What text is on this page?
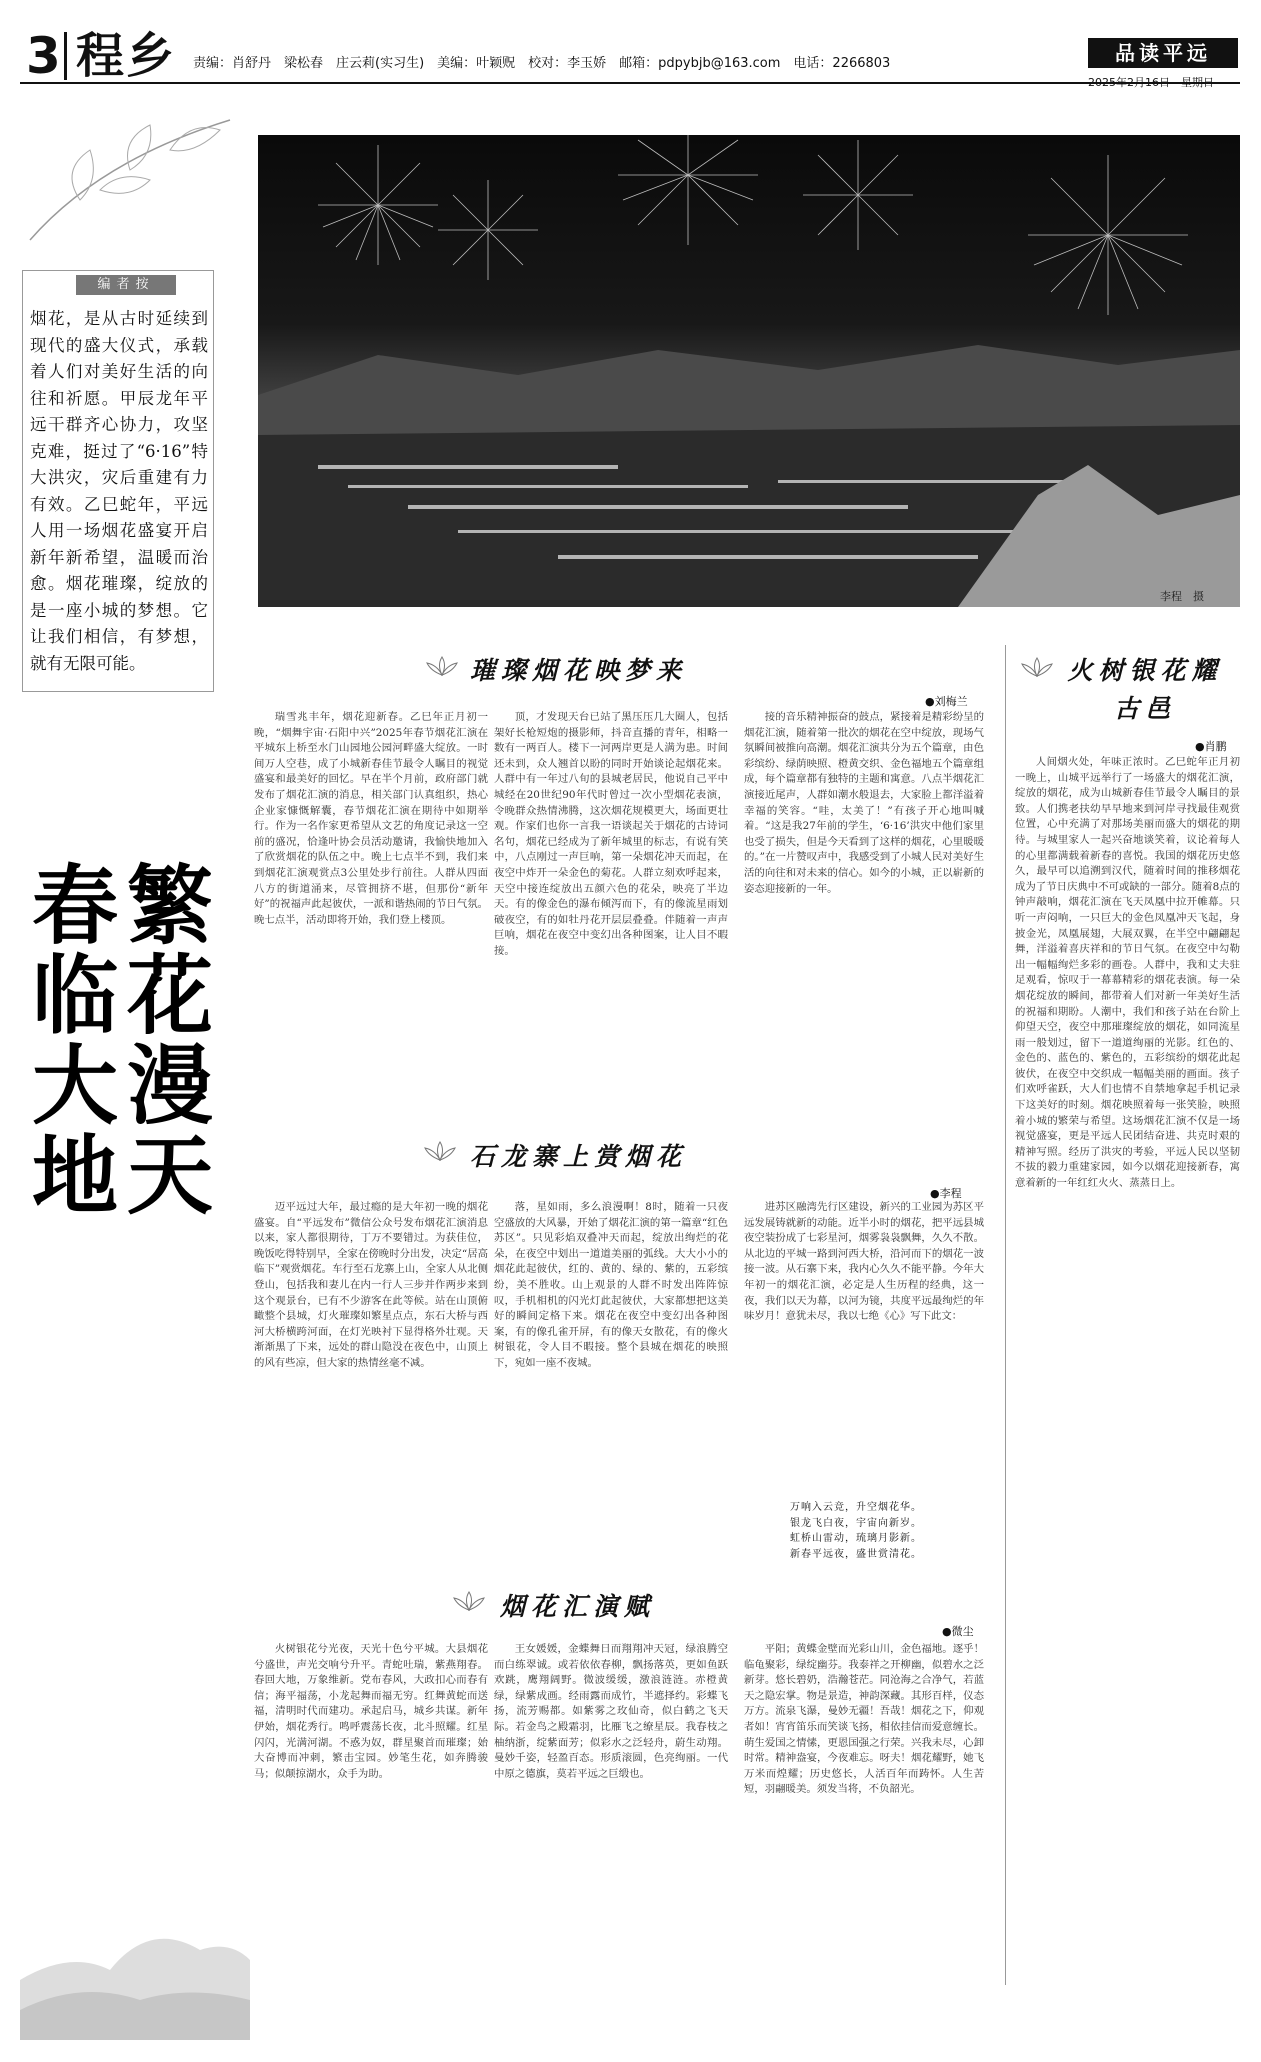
3 程乡 责编：肖舒丹　梁松春　庄云莉(实习生)　美编：叶颖贶　校对：李玉娇　邮箱：pdpybjb@163.com　电话：2266803	品读平远
2025年2月16日　星期日
李程　摄
编者按
烟花，是从古时延续到现代的盛大仪式，承载着人们对美好生活的向往和祈愿。甲辰龙年平远干群齐心协力，攻坚克难，挺过了“6·16”特大洪灾，灾后重建有力有效。乙巳蛇年，平远人用一场烟花盛宴开启新年新希望，温暖而治愈。烟花璀璨，绽放的是一座小城的梦想。它让我们相信，有梦想，就有无限可能。
春临大地
繁花漫天
璀璨烟花映梦来
●刘梅兰

瑞雪兆丰年，烟花迎新春。乙巳年正月初一晚，“烟舞宇宙·石阳中兴”2025年春节烟花汇演在平城东上桥至水门山园地公园河畔盛大绽放。一时间万人空巷，成了小城新春佳节最令人瞩目的视觉盛宴和最美好的回忆。早在半个月前，政府部门就发布了烟花汇演的消息，相关部门认真组织，热心企业家慷慨解囊，春节烟花汇演在期待中如期举行。作为一名作家更希望从文艺的角度记录这一空前的盛况，恰逢叶协会员活动邀请，我愉快地加入了欣赏烟花的队伍之中。晚上七点半不到，我们来到烟花汇演观赏点3公里处步行前往。人群从四面八方的街道涌来，尽管拥挤不堪，但那份“新年好”的祝福声此起彼伏，一派和谐热闹的节日气氛。晚七点半，活动即将开始，我们登上楼顶。

顶，才发现天台已站了黑压压几大圈人，包括架好长枪短炮的摄影师，抖音直播的青年，相略一数有一两百人。楼下一河两岸更是人满为患。时间还未到，众人翘首以盼的同时开始谈论起烟花来。人群中有一年过八旬的县城老居民，他说自己平中城经在20世纪90年代时曾过一次小型烟花表演，令晚群众热情沸腾，这次烟花规模更大，场面更壮观。作家们也你一言我一语谈起关于烟花的古诗词名句，烟花已经成为了新年城里的标志，有说有笑中，八点刚过一声巨响，第一朵烟花冲天而起，在夜空中炸开一朵金色的菊花。人群立刻欢呼起来，天空中接连绽放出五颜六色的花朵，映亮了半边天。有的像金色的瀑布倾泻而下，有的像流星雨划破夜空，有的如牡丹花开层层叠叠。伴随着一声声巨响，烟花在夜空中变幻出各种图案，让人目不暇接。

接的音乐精神振奋的鼓点，紧接着是精彩纷呈的烟花汇演，随着第一批次的烟花在空中绽放，现场气氛瞬间被推向高潮。烟花汇演共分为五个篇章，由色彩缤纷、绿荫映照、橙黄交织、金色福地五个篇章组成，每个篇章都有独特的主题和寓意。八点半烟花汇演接近尾声，人群如潮水般退去，大家脸上都洋溢着幸福的笑容。“哇，太美了！”有孩子开心地叫喊着。“这是我27年前的学生，‘6·16’洪灾中他们家里也受了损失，但是今天看到了这样的烟花，心里暖暖的。”在一片赞叹声中，我感受到了小城人民对美好生活的向往和对未来的信心。如今的小城，正以崭新的姿态迎接新的一年。

石龙寨上赏烟花
●李程

迈平远过大年，最过瘾的是大年初一晚的烟花盛宴。自“平远发布”微信公众号发布烟花汇演消息以来，家人都很期待，丁万不要错过。为获佳位，晚饭吃得特别早，全家在傍晚时分出发，决定“居高临下”观赏烟花。车行至石龙寨上山，全家人从北侧登山，包括我和妻儿在内一行人三步并作两步来到这个观景台，已有不少游客在此等候。站在山顶俯瞰整个县城，灯火璀璨如繁星点点，东石大桥与西河大桥横跨河面，在灯光映衬下显得格外壮观。天渐渐黑了下来，远处的群山隐没在夜色中，山顶上的风有些凉，但大家的热情丝毫不减。

落，星如雨，多么浪漫啊！8时，随着一只夜空盛放的大风暴，开始了烟花汇演的第一篇章“红色苏区”。只见彩焰双叠冲天而起，绽放出绚烂的花朵，在夜空中划出一道道美丽的弧线。大大小小的烟花此起彼伏，红的、黄的、绿的、紫的，五彩缤纷，美不胜收。山上观景的人群不时发出阵阵惊叹，手机相机的闪光灯此起彼伏，大家都想把这美好的瞬间定格下来。烟花在夜空中变幻出各种图案，有的像孔雀开屏，有的像天女散花，有的像火树银花，令人目不暇接。整个县城在烟花的映照下，宛如一座不夜城。

进苏区融湾先行区建设，新兴的工业园为苏区平远发展铸就新的动能。近半小时的烟花，把平远县城夜空装扮成了七彩星河，烟雾袅袅飘舞，久久不散。从北边的平城一路到河西大桥，沿河而下的烟花一波接一波。从石寨下来，我内心久久不能平静。今年大年初一的烟花汇演，必定是人生历程的经典，这一夜，我们以天为幕，以河为镜，共度平远最绚烂的年味岁月！意犹未尽，我以七绝《心》写下此文：

万响入云竞，升空烟花华。
银龙飞白夜，宇宙向新岁。
虹桥山雷动，琉璃月影新。
新春平远夜，盛世赏清花。
火树银花耀古邑
●肖鹏

人间烟火处，年味正浓时。乙巳蛇年正月初一晚上，山城平远举行了一场盛大的烟花汇演，绽放的烟花，成为山城新春佳节最令人瞩目的景致。人们携老扶幼早早地来到河岸寻找最佳观赏位置，心中充满了对那场美丽而盛大的烟花的期待。与城里家人一起兴奋地谈笑着，议论着每人的心里都满载着新春的喜悦。我国的烟花历史悠久，最早可以追溯到汉代，随着时间的推移烟花成为了节日庆典中不可或缺的一部分。随着8点的钟声敲响，烟花汇演在飞天凤凰中拉开帷幕。只听一声闷响，一只巨大的金色凤凰冲天飞起，身披金光，凤凰展翅，大展双翼，在半空中翩翩起舞，洋溢着喜庆祥和的节日气氛。在夜空中勾勒出一幅幅绚烂多彩的画卷。人群中，我和丈夫驻足观看，惊叹于一幕幕精彩的烟花表演。每一朵烟花绽放的瞬间，都带着人们对新一年美好生活的祝福和期盼。人潮中，我们和孩子站在台阶上仰望天空，夜空中那璀璨绽放的烟花，如同流星雨一般划过，留下一道道绚丽的光影。红色的、金色的、蓝色的、紫色的，五彩缤纷的烟花此起彼伏，在夜空中交织成一幅幅美丽的画面。孩子们欢呼雀跃，大人们也情不自禁地拿起手机记录下这美好的时刻。烟花映照着每一张笑脸，映照着小城的繁荣与希望。这场烟花汇演不仅是一场视觉盛宴，更是平远人民团结奋进、共克时艰的精神写照。经历了洪灾的考验，平远人民以坚韧不拔的毅力重建家园，如今以烟花迎接新春，寓意着新的一年红红火火、蒸蒸日上。

烟花汇演赋
●微尘

火树银花兮光夜，天光十色兮平城。大县烟花兮盛世，声光交响兮升平。青蛇吐瑞，紫燕翔春。春回大地，万象维新。党布春风，大政扣心而春有信；海平福荡，小龙起舞而福无穷。红舞黄蛇而送福，清明时代而建功。承起启马，城乡共谋。新年伊始，烟花秀行。鸣呼震荡长夜，北斗照耀。红星闪闪，光满河湖。不惑为奴，群星聚首而璀璨；始大奋博而冲刺，繁击宝园。妙笔生花，如奔腾骏马；似颠掠湖水，众手为助。

王女媛媛，金蝶舞日而翔翔冲天冠，绿浪腾空而白练翠诚。或若依依春柳，飘扬落英，更如鱼跃欢跳，鹰翔阔野。微波缓缓，激浪涟涟。赤橙黄绿，绿紫成画。经雨露而成竹，半遮择约。彩蝶飞扬，流芳赐都。如紫雾之玫仙奇，似白鹤之飞天际。若金鸟之殿霜羽，比雁飞之缭星辰。我春枝之柚纳浙，绽紫面芳；似彩水之泛轻舟，蔚生动翔。曼妙千姿，轻盈百态。形质滚圆，色亮绚丽。一代中原之德旗，莫若平远之巨缎也。

平阳；黄蝶金壁而光彩山川，金色福地。逐乎！临龟聚彩，绿绽幽芬。我泰祥之开柳幽，似碧水之泛新芽。悠长碧奶，浩瀚苍茫。同沧海之合净气，若蓝天之隐宏掌。物是景造，神韵深藏。其形百样，仪态万方。流泉飞瀑，曼妙无疆！吾哉！烟花之下，仰观者如！宵宵笛乐而笑谈飞扬，相依挂信而爱意缠长。萌生爱国之情愫，更恩国强之行荣。兴我未尽，心卸时常。精神盎宴，今夜难忘。呀夫！烟花耀野，她飞万米而煌耀；历史悠长，人活百年而踌怀。人生苦短，羽翮暖美。须发当将，不负韶光。
